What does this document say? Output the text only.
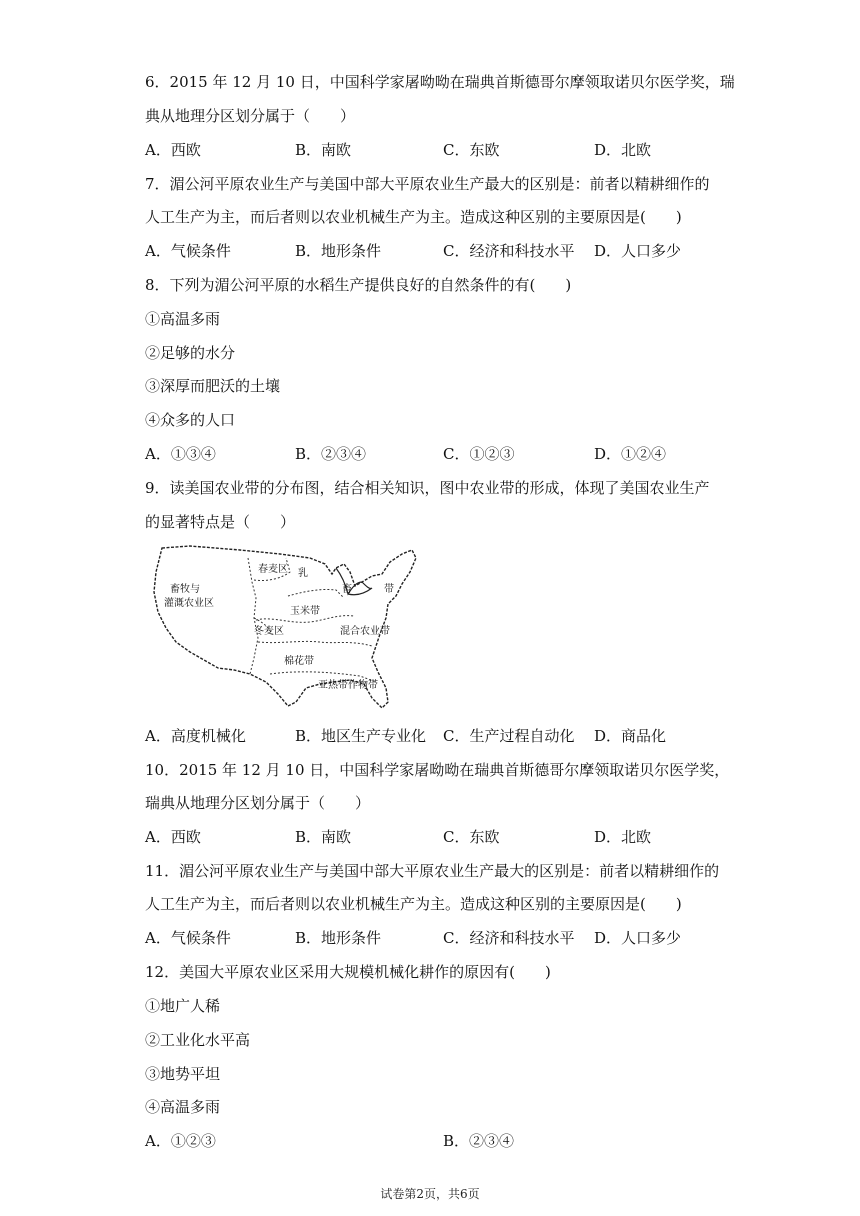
6．2015 年 12 月 10 日，中国科学家屠呦呦在瑞典首斯德哥尔摩领取诺贝尔医学奖，瑞
典从地理分区划分属于（　　）
A．西欧	B．南欧	C．东欧	D．北欧
7．湄公河平原农业生产与美国中部大平原农业生产最大的区别是：前者以精耕细作的
人工生产为主，而后者则以农业机械生产为主。造成这种区别的主要原因是(　　)
A．气候条件	B．地形条件	C．经济和科技水平 D．人口多少
8．下列为湄公河平原的水稻生产提供良好的自然条件的有(　　)
①高温多雨
②足够的水分
③深厚而肥沃的土壤
④众多的人口
A．①③④	B．②③④	C．①②③	D．①②④
9．读美国农业带的分布图，结合相关知识，图中农业带的形成，体现了美国农业生产
的显著特点是（　　）
畜牧与
灌溉农业区
春麦区 乳
畜	带
玉米带
冬麦区	混合农业带
棉花带
亚热带作物带
A．高度机械化	B．地区生产专业化 C．生产过程自动化 D．商品化
10．2015 年 12 月 10 日，中国科学家屠呦呦在瑞典首斯德哥尔摩领取诺贝尔医学奖，
瑞典从地理分区划分属于（　　）
A．西欧	B．南欧	C．东欧	D．北欧
11．湄公河平原农业生产与美国中部大平原农业生产最大的区别是：前者以精耕细作的
人工生产为主，而后者则以农业机械生产为主。造成这种区别的主要原因是(　　)
A．气候条件	B．地形条件	C．经济和科技水平 D．人口多少
12．美国大平原农业区采用大规模机械化耕作的原因有(　　)
①地广人稀
②工业化水平高
③地势平坦
④高温多雨
A．①②③	B．②③④
试卷第2页，共6页
